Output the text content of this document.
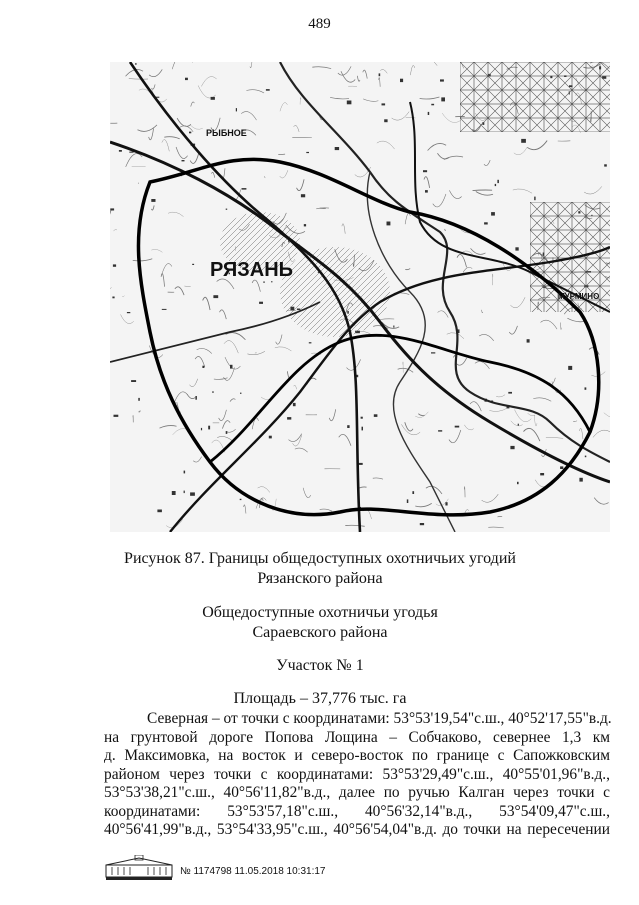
489
РЫБНОЕ
РЯЗАНЬ
МУРМИНО
Рисунок 87. Границы общедоступных охотничьих угодий
Рязанского района
Общедоступные охотничьи угодья
Сараевского района
Участок № 1
Площадь – 37,776 тыс. га
Северная – от точки с координатами: 53°53'19,54"с.ш., 40°52'17,55"в.д.
на грунтовой дороге Попова Лощина – Собчаково, севернее 1,3 км
д. Максимовка, на восток и северо-восток по границе с Сапожковским
районом через точки с координатами: 53°53'29,49"с.ш., 40°55'01,96"в.д.,
53°53'38,21"с.ш., 40°56'11,82"в.д., далее по ручью Калган через точки с
координатами: 53°53'57,18"с.ш., 40°56'32,14"в.д., 53°54'09,47"с.ш.,
40°56'41,99"в.д., 53°54'33,95"с.ш., 40°56'54,04"в.д. до точки на пересечении
№ 1174798 11.05.2018 10:31:17
